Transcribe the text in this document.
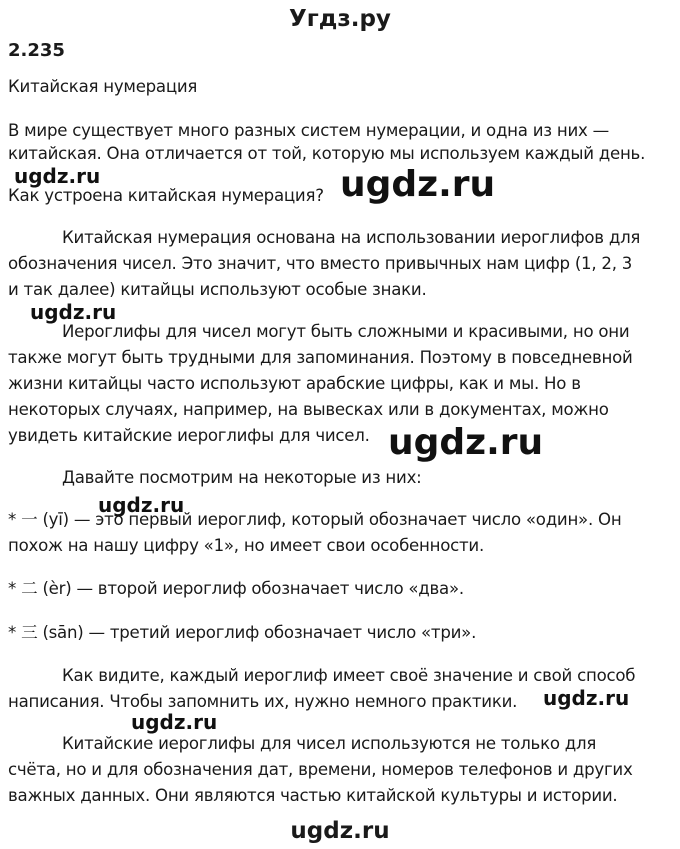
Угдз.ру
2.235
Китайская нумерация
В мире существует много разных систем нумерации, и одна из них —
китайская. Она отличается от той, которую мы используем каждый день.
Как устроена китайская нумерация?
Китайская нумерация основана на использовании иероглифов для
обозначения чисел. Это значит, что вместо привычных нам цифр (1, 2, 3
и так далее) китайцы используют особые знаки.
Иероглифы для чисел могут быть сложными и красивыми, но они
также могут быть трудными для запоминания. Поэтому в повседневной
жизни китайцы часто используют арабские цифры, как и мы. Но в
некоторых случаях, например, на вывесках или в документах, можно
увидеть китайские иероглифы для чисел.
Давайте посмотрим на некоторые из них:
* 一 (yī) — это первый иероглиф, который обозначает число «один». Он
похож на нашу цифру «1», но имеет свои особенности.
* 二 (èr) — второй иероглиф обозначает число «два».
* 三 (sān) — третий иероглиф обозначает число «три».
Как видите, каждый иероглиф имеет своё значение и свой способ
написания. Чтобы запомнить их, нужно немного практики.
Китайские иероглифы для чисел используются не только для
счёта, но и для обозначения дат, времени, номеров телефонов и других
важных данных. Они являются частью китайской культуры и истории.
ugdz.ru	ugdz.ru
ugdz.ru
ugdz.ru
ugdz.ru
ugdz.ru
ugdz.ru
ugdz.ru
